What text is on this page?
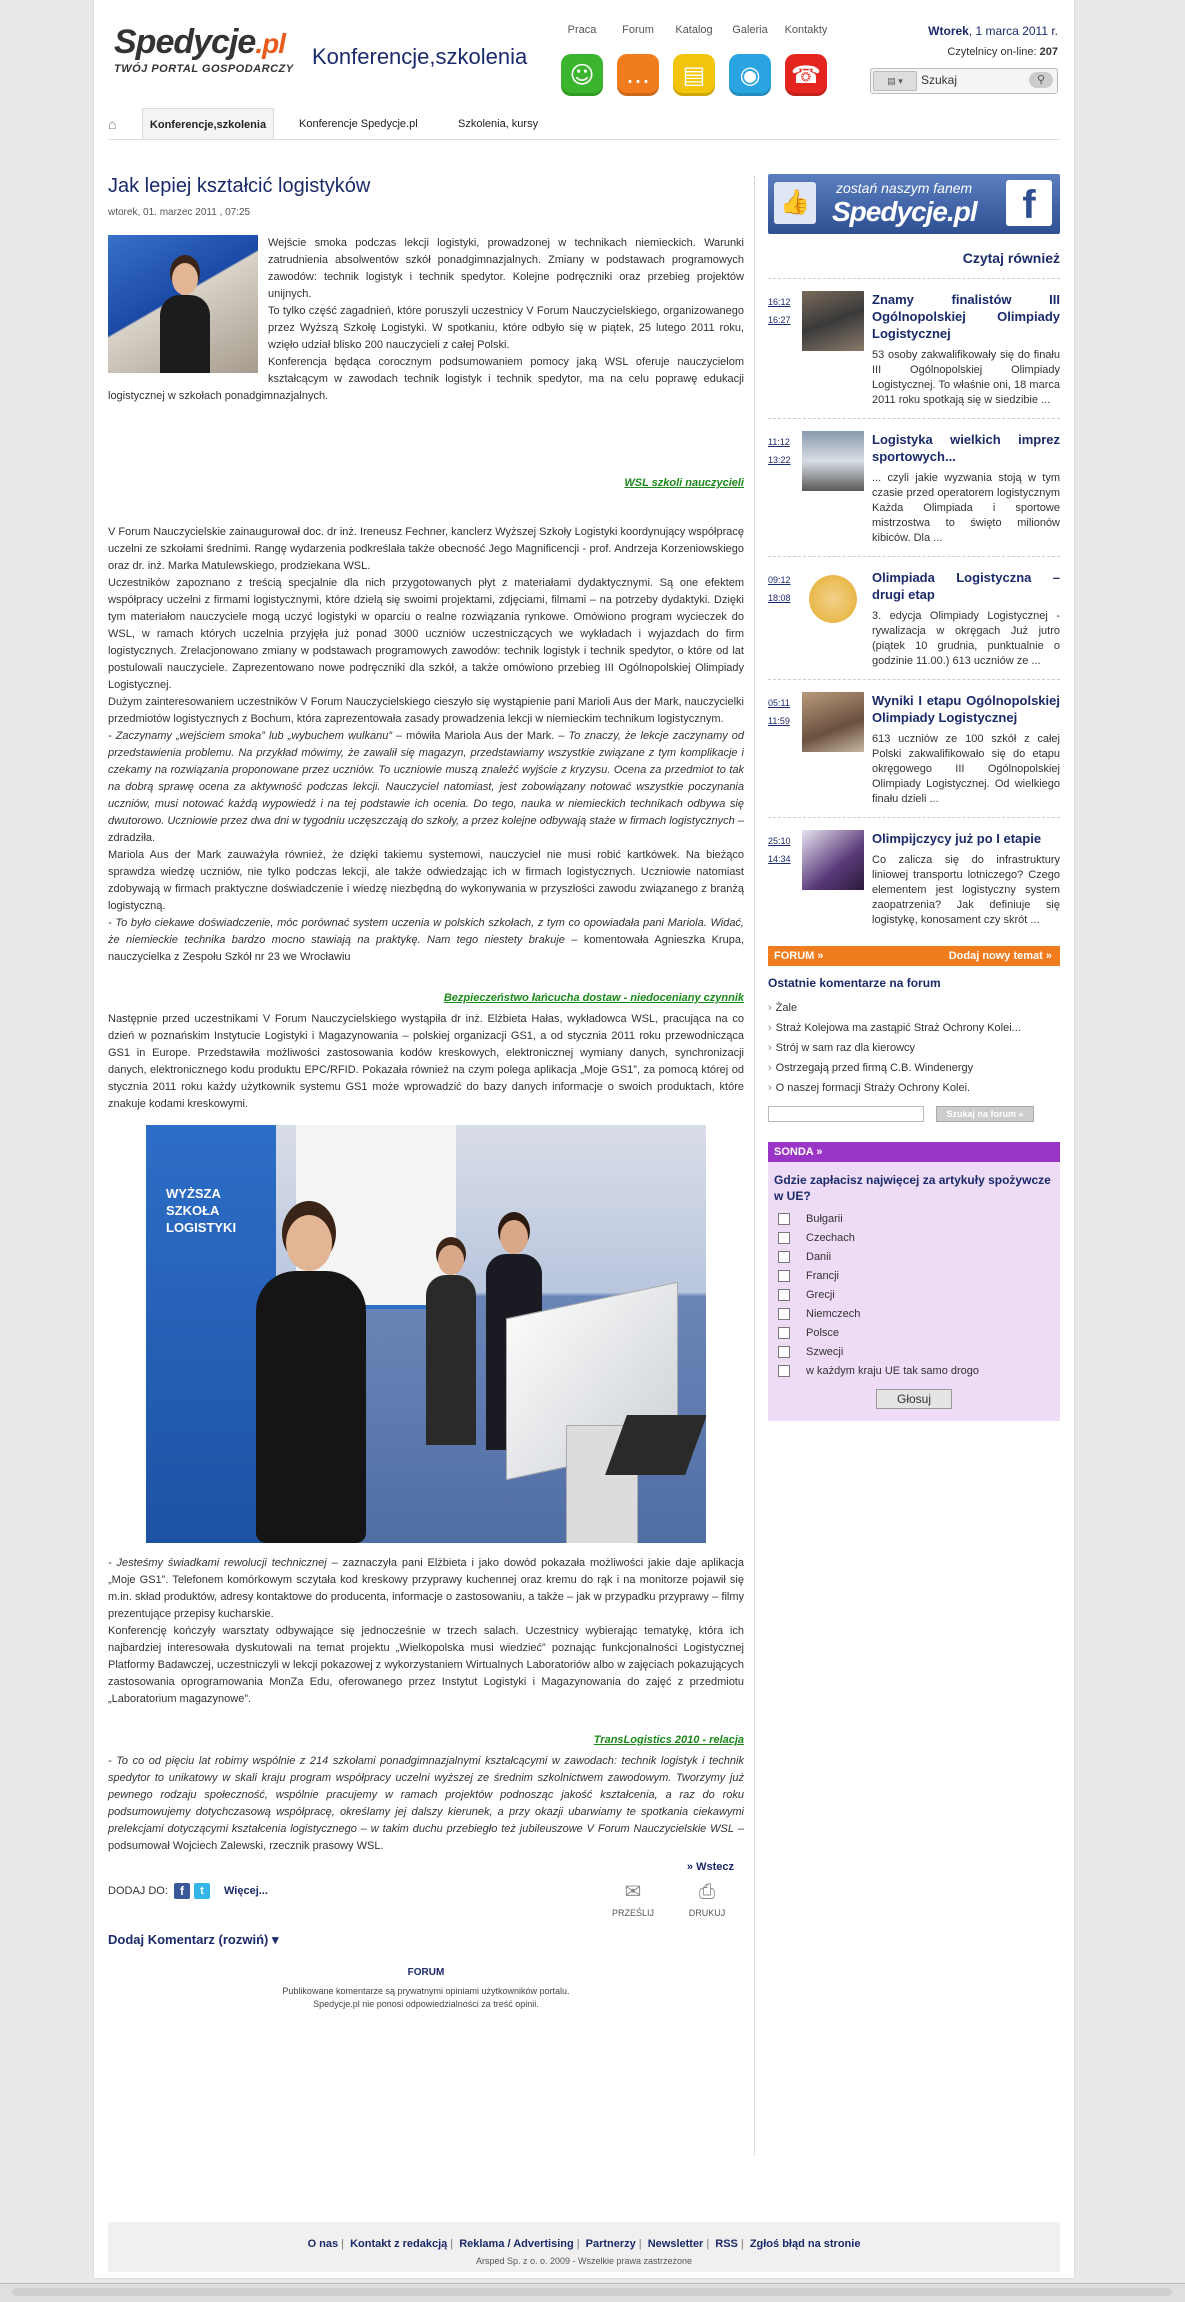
Spedycje.pl
TWÓJ PORTAL GOSPODARCZY Konferencje,szkolenia
Praca
☺
Forum
…
Katalog
▤
Galeria
◉
Kontakty
☎
Wtorek, 1 marca 2011 r.
Czytelnicy on-line: 207
▤ ▾	Szukaj	⚲
⌂	Konferencje,szkolenia	Konferencje Spedycje.pl	Szkolenia, kursy
Jak lepiej kształcić logistyków
wtorek, 01. marzec 2011 , 07:25

Wejście smoka podczas lekcji logistyki, prowadzonej w technikach niemieckich. Warunki zatrudnienia absolwentów szkół ponadgimnazjalnych. Zmiany w podstawach programowych zawodów: technik logistyk i technik spedytor. Kolejne podręczniki oraz przebieg projektów unijnych.

To tylko część zagadnień, które poruszyli uczestnicy V Forum Nauczycielskiego, organizowanego przez Wyższą Szkołę Logistyki. W spotkaniu, które odbyło się w piątek, 25 lutego 2011 roku, wzięło udział blisko 200 nauczycieli z całej Polski.

Konferencja będąca corocznym podsumowaniem pomocy jaką WSL oferuje nauczycielom kształcącym w zawodach technik logistyk i technik spedytor, ma na celu poprawę edukacji logistycznej w szkołach ponadgimnazjalnych.

WSL szkoli nauczycieli

V Forum Nauczycielskie zainaugurował doc. dr inż. Ireneusz Fechner, kanclerz Wyższej Szkoły Logistyki koordynujący współpracę uczelni ze szkołami średnimi. Rangę wydarzenia podkreślała także obecność Jego Magnificencji - prof. Andrzeja Korzeniowskiego oraz dr. inż. Marka Matulewskiego, prodziekana WSL.

Uczestników zapoznano z treścią specjalnie dla nich przygotowanych płyt z materiałami dydaktycznymi. Są one efektem współpracy uczelni z firmami logistycznymi, które dzielą się swoimi projektami, zdjęciami, filmami – na potrzeby dydaktyki. Dzięki tym materiałom nauczyciele mogą uczyć logistyki w oparciu o realne rozwiązania rynkowe. Omówiono program wycieczek do WSL, w ramach których uczelnia przyjęła już ponad 3000 uczniów uczestniczących we wykładach i wyjazdach do firm logistycznych. Zrelacjonowano zmiany w podstawach programowych zawodów: technik logistyk i technik spedytor, o które od lat postulowali nauczyciele. Zaprezentowano nowe podręczniki dla szkół, a także omówiono przebieg III Ogólnopolskiej Olimpiady Logistycznej.

Dużym zainteresowaniem uczestników V Forum Nauczycielskiego cieszyło się wystąpienie pani Marioli Aus der Mark, nauczycielki przedmiotów logistycznych z Bochum, która zaprezentowała zasady prowadzenia lekcji w niemieckim technikum logistycznym.

- Zaczynamy „wejściem smoka” lub „wybuchem wulkanu” – mówiła Mariola Aus der Mark. – To znaczy, że lekcje zaczynamy od przedstawienia problemu. Na przykład mówimy, że zawalił się magazyn, przedstawiamy wszystkie związane z tym komplikacje i czekamy na rozwiązania proponowane przez uczniów. To uczniowie muszą znaleźć wyjście z kryzysu. Ocena za przedmiot to tak na dobrą sprawę ocena za aktywność podczas lekcji. Nauczyciel natomiast, jest zobowiązany notować wszystkie poczynania uczniów, musi notować każdą wypowiedź i na tej podstawie ich ocenia. Do tego, nauka w niemieckich technikach odbywa się dwutorowo. Uczniowie przez dwa dni w tygodniu uczęszczają do szkoły, a przez kolejne odbywają staże w firmach logistycznych – zdradziła.

Mariola Aus der Mark zauważyła również, że dzięki takiemu systemowi, nauczyciel nie musi robić kartkówek. Na bieżąco sprawdza wiedzę uczniów, nie tylko podczas lekcji, ale także odwiedzając ich w firmach logistycznych. Uczniowie natomiast zdobywają w firmach praktyczne doświadczenie i wiedzę niezbędną do wykonywania w przyszłości zawodu związanego z branżą logistyczną.

- To było ciekawe doświadczenie, móc porównać system uczenia w polskich szkołach, z tym co opowiadała pani Mariola. Widać, że niemieckie technika bardzo mocno stawiają na praktykę. Nam tego niestety brakuje – komentowała Agnieszka Krupa, nauczycielka z Zespołu Szkół nr 23 we Wrocławiu

Bezpieczeństwo łańcucha dostaw - niedoceniany czynnik

Następnie przed uczestnikami V Forum Nauczycielskiego wystąpiła dr inż. Elżbieta Hałas, wykładowca WSL, pracująca na co dzień w poznańskim Instytucie Logistyki i Magazynowania – polskiej organizacji GS1, a od stycznia 2011 roku przewodnicząca GS1 in Europe. Przedstawiła możliwości zastosowania kodów kreskowych, elektronicznej wymiany danych, synchronizacji danych, elektronicznego kodu produktu EPC/RFID. Pokazała również na czym polega aplikacja „Moje GS1”, za pomocą której od stycznia 2011 roku każdy użytkownik systemu GS1 może wprowadzić do bazy danych informacje o swoich produktach, które znakuje kodami kreskowymi.

WYŻSZA SZKOŁA LOGISTYKI

- Jesteśmy świadkami rewolucji technicznej – zaznaczyła pani Elżbieta i jako dowód pokazała możliwości jakie daje aplikacja „Moje GS1”. Telefonem komórkowym sczytała kod kreskowy przyprawy kuchennej oraz kremu do rąk i na monitorze pojawił się m.in. skład produktów, adresy kontaktowe do producenta, informacje o zastosowaniu, a także – jak w przypadku przyprawy – filmy prezentujące przepisy kucharskie.

Konferencję kończyły warsztaty odbywające się jednocześnie w trzech salach. Uczestnicy wybierając tematykę, która ich najbardziej interesowała dyskutowali na temat projektu „Wielkopolska musi wiedzieć” poznając funkcjonalności Logistycznej Platformy Badawczej, uczestniczyli w lekcji pokazowej z wykorzystaniem Wirtualnych Laboratoriów albo w zajęciach pokazujących zastosowania oprogramowania MonZa Edu, oferowanego przez Instytut Logistyki i Magazynowania do zajęć z przedmiotu „Laboratorium magazynowe”.

TransLogistics 2010 - relacja

- To co od pięciu lat robimy wspólnie z 214 szkołami ponadgimnazjalnymi kształcącymi w zawodach: technik logistyk i technik spedytor to unikatowy w skali kraju program współpracy uczelni wyższej ze średnim szkolnictwem zawodowym. Tworzymy już pewnego rodzaju społeczność, wspólnie pracujemy w ramach projektów podnosząc jakość kształcenia, a raz do roku podsumowujemy dotychczasową współpracę, określamy jej dalszy kierunek, a przy okazji ubarwiamy te spotkania ciekawymi prelekcjami dotyczącymi kształcenia logistycznego – w takim duchu przebiegło też jubileuszowe V Forum Nauczycielskie WSL – podsumował Wojciech Zalewski, rzecznik prasowy WSL.

» Wstecz
DODAJ DO:	f	t	Więcej...	✉
PRZEŚLIJ
⎙
DRUKUJ
Dodaj Komentarz (rozwiń) ▾
FORUM
Publikowane komentarze są prywatnymi opiniami użytkowników portalu.
Spedycje.pl nie ponosi odpowiedzialności za treść opinii.
👍
zostań naszym fanem
Spedycje.pl	f
Czytaj również
16:12
16:27
Znamy finalistów III Ogólnopolskiej Olimpiady Logistycznej
53 osoby zakwalifikowały się do finału III Ogólnopolskiej Olimpiady Logistycznej. To właśnie oni, 18 marca 2011 roku spotkają się w siedzibie ...
11:12
13:22
Logistyka wielkich imprez sportowych...
... czyli jakie wyzwania stoją w tym czasie przed operatorem logistycznym Każda Olimpiada i sportowe mistrzostwa to święto milionów kibiców. Dla ...
09:12
18:08
Olimpiada Logistyczna – drugi etap
3. edycja Olimpiady Logistycznej - rywalizacja w okręgach Już jutro (piątek 10 grudnia, punktualnie o godzinie 11.00.) 613 uczniów ze ...
05:11
11:59
Wyniki I etapu Ogólnopolskiej Olimpiady Logistycznej
613 uczniów ze 100 szkół z całej Polski zakwalifikowało się do etapu okręgowego III Ogólnopolskiej Olimpiady Logistycznej. Od wielkiego finału dzieli ...
25:10
14:34
Olimpijczycy już po I etapie
Co zalicza się do infrastruktury liniowej transportu lotniczego? Czego elementem jest logistyczny system zaopatrzenia? Jak definiuje się logistykę, konosament czy skrót ...
FORUM »	Dodaj nowy temat »
Ostatnie komentarze na forum
› Żale
› Straż Kolejowa ma zastąpić Straż Ochrony Kolei...
› Strój w sam raz dla kierowcy
› Ostrzegają przed firmą C.B. Windenergy
› O naszej formacji Straży Ochrony Kolei.
Szukaj na forum »
SONDA »
Gdzie zapłacisz najwięcej za artykuły spożywcze w UE?
Bułgarii
Czechach
Danii
Francji
Grecji
Niemczech
Polsce
Szwecji
w każdym kraju UE tak samo drogo
Głosuj
O nas | Kontakt z redakcją | Reklama / Advertising | Partnerzy | Newsletter | RSS | Zgłoś błąd na stronie
Arsped Sp. z o. o. 2009 - Wszelkie prawa zastrzeżone
